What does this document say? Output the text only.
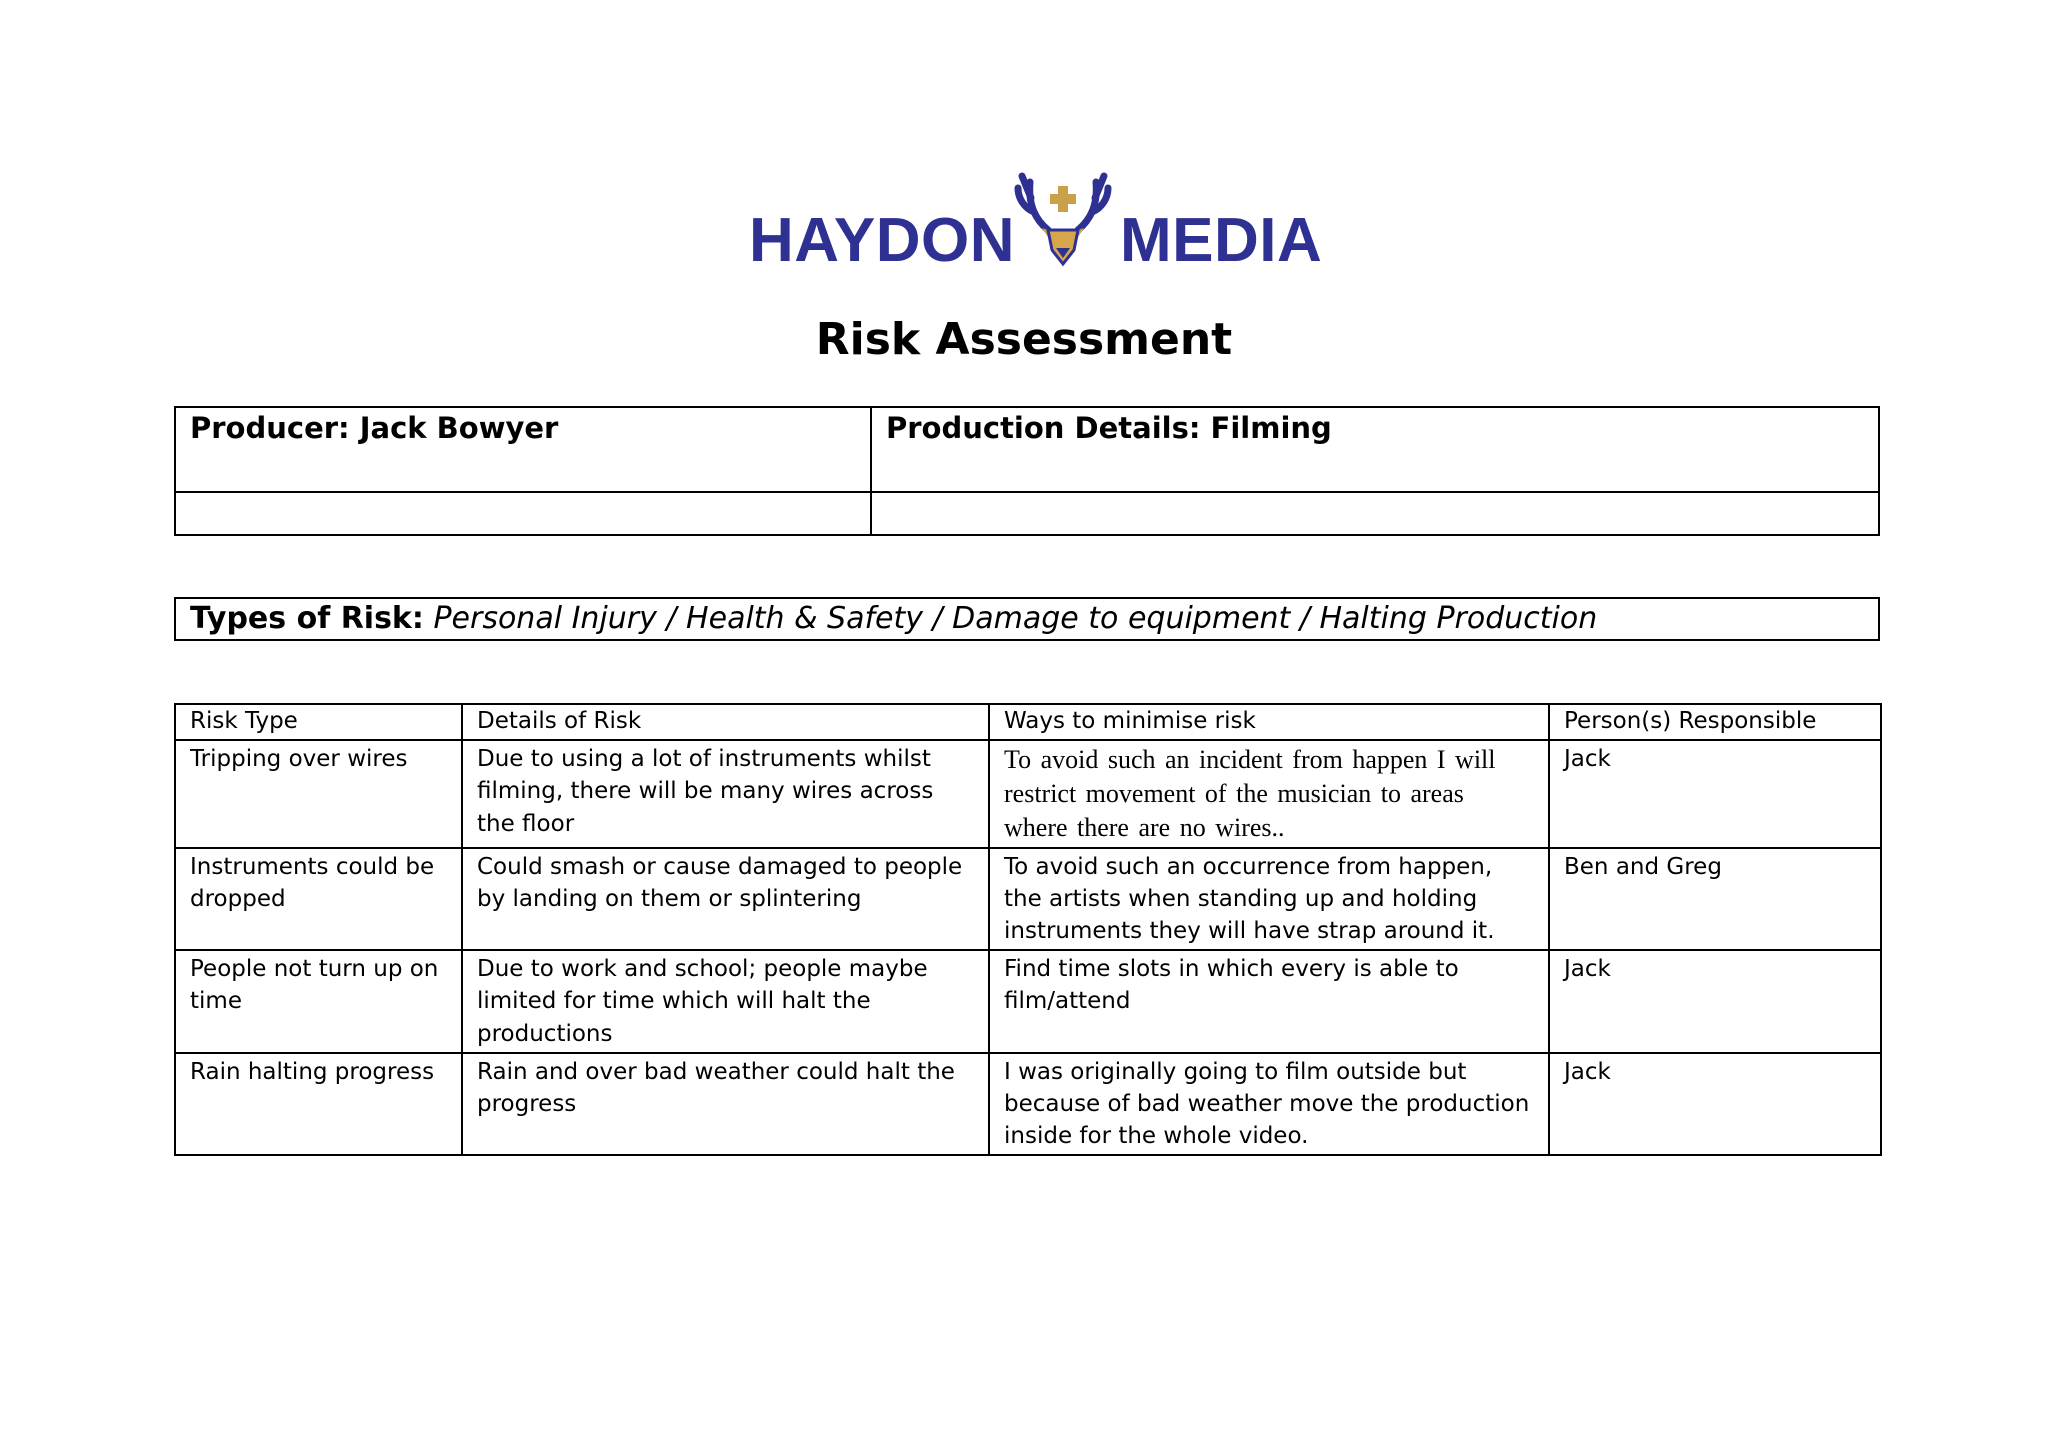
HAYDON MEDIA
Risk Assessment
Producer: Jack Bowyer	Production Details: Filming

Types of Risk: Personal Injury / Health & Safety / Damage to equipment / Halting Production
Risk Type	Details of Risk	Ways to minimise risk	Person(s) Responsible
Tripping over wires	Due to using a lot of instruments whilst filming, there will be many wires across the floor	To avoid such an incident from happen I will restrict movement of the musician to areas where there are no wires..	Jack
Instruments could be dropped	Could smash or cause damaged to people by landing on them or splintering	To avoid such an occurrence from happen, the artists when standing up and holding instruments they will have strap around it.	Ben and Greg
People not turn up on time	Due to work and school; people maybe limited for time which will halt the productions	Find time slots in which every is able to film/attend	Jack
Rain halting progress	Rain and over bad weather could halt the progress	I was originally going to film outside but because of bad weather move the production inside for the whole video.	Jack
